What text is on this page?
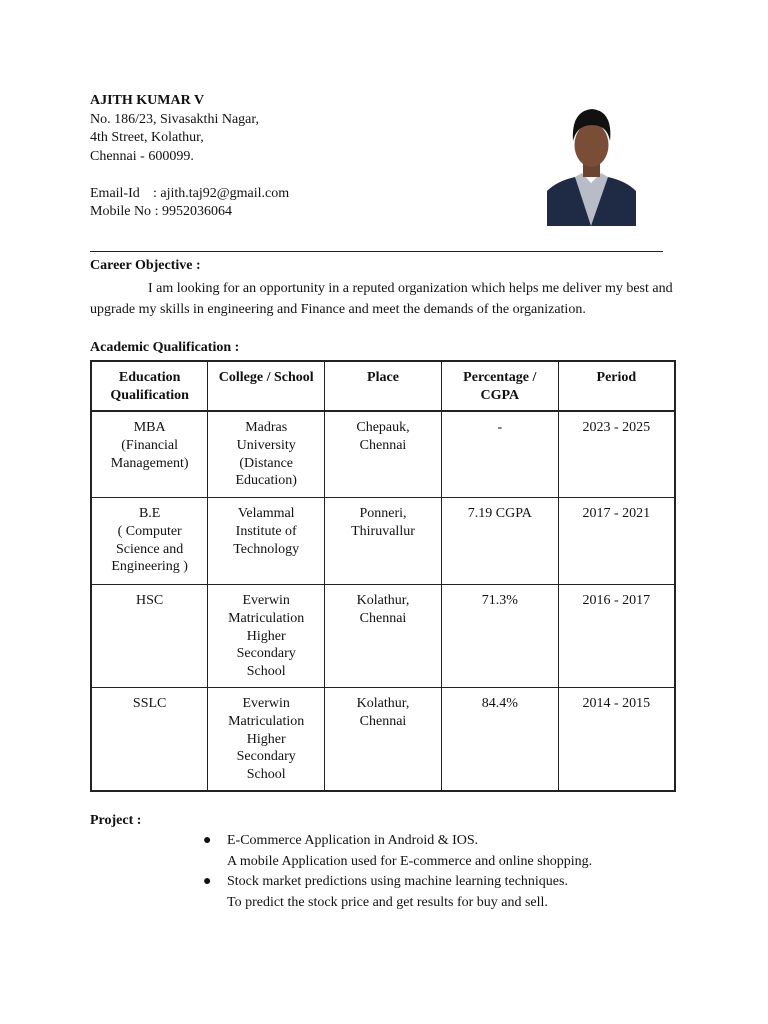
AJITH KUMAR V
No. 186/23, Sivasakthi Nagar,
4th Street, Kolathur,
Chennai - 600099.
Email-Id : ajith.taj92@gmail.com
Mobile No : 9952036064
Career Objective :
I am looking for an opportunity in a reputed organization which helps me deliver my best and upgrade my skills in engineering and Finance and meet the demands of the organization.
Academic Qualification :
Education
Qualification	College / School	Place	Percentage /
CGPA	Period
MBA
(Financial
Management)	Madras
University
(Distance
Education)	Chepauk,
Chennai	-	2023 - 2025
B.E
( Computer
Science and
Engineering )	Velammal
Institute of
Technology	Ponneri,
Thiruvallur	7.19 CGPA	2017 - 2021
HSC	Everwin
Matriculation
Higher
Secondary
School	Kolathur,
Chennai	71.3%	2016 - 2017
SSLC	Everwin
Matriculation
Higher
Secondary
School	Kolathur,
Chennai	84.4%	2014 - 2015
Project :
● E-Commerce Application in Android & IOS.
A mobile Application used for E-commerce and online shopping.
● Stock market predictions using machine learning techniques.
To predict the stock price and get results for buy and sell.
